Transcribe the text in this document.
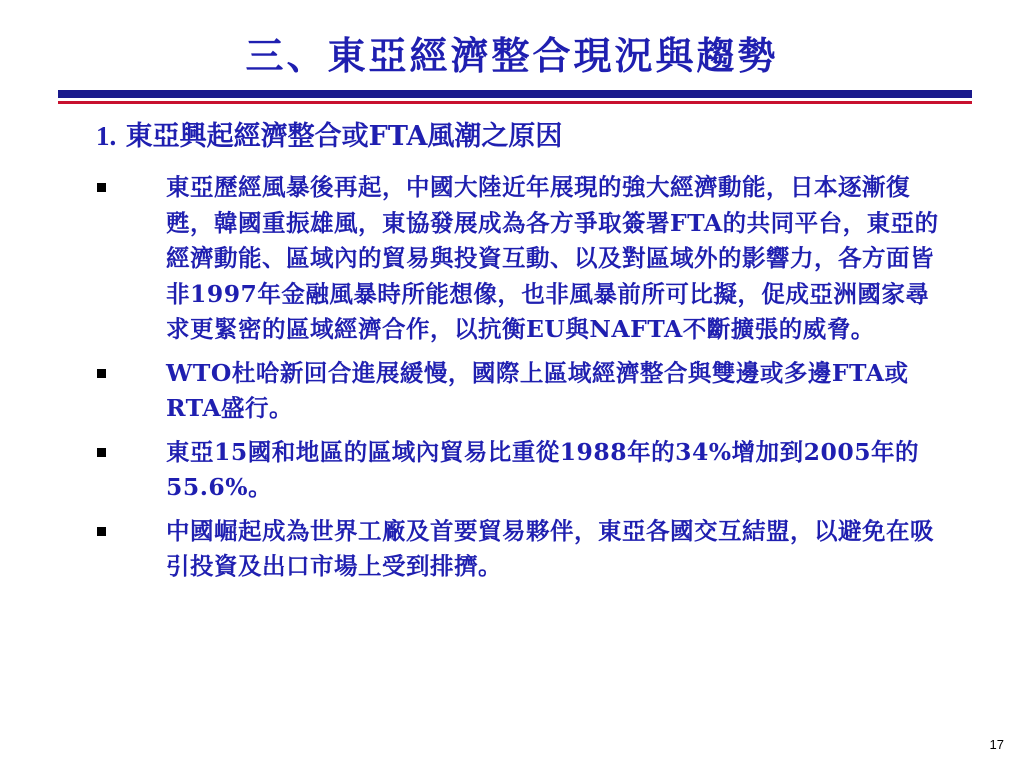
三、東亞經濟整合現況與趨勢
1. 東亞興起經濟整合或FTA風潮之原因
東亞歷經風暴後再起，中國大陸近年展現的強大經濟動能，日本逐漸復甦，韓國重振雄風，東協發展成為各方爭取簽署FTA的共同平台，東亞的經濟動能、區域內的貿易與投資互動、以及對區域外的影響力，各方面皆非1997年金融風暴時所能想像，也非風暴前所可比擬，促成亞洲國家尋求更緊密的區域經濟合作，以抗衡EU與NAFTA不斷擴張的威脅。
WTO杜哈新回合進展緩慢，國際上區域經濟整合與雙邊或多邊FTA或RTA盛行。
東亞15國和地區的區域內貿易比重從1988年的34%增加到2005年的55.6%。
中國崛起成為世界工廠及首要貿易夥伴，東亞各國交互結盟，以避免在吸引投資及出口市場上受到排擠。
17
